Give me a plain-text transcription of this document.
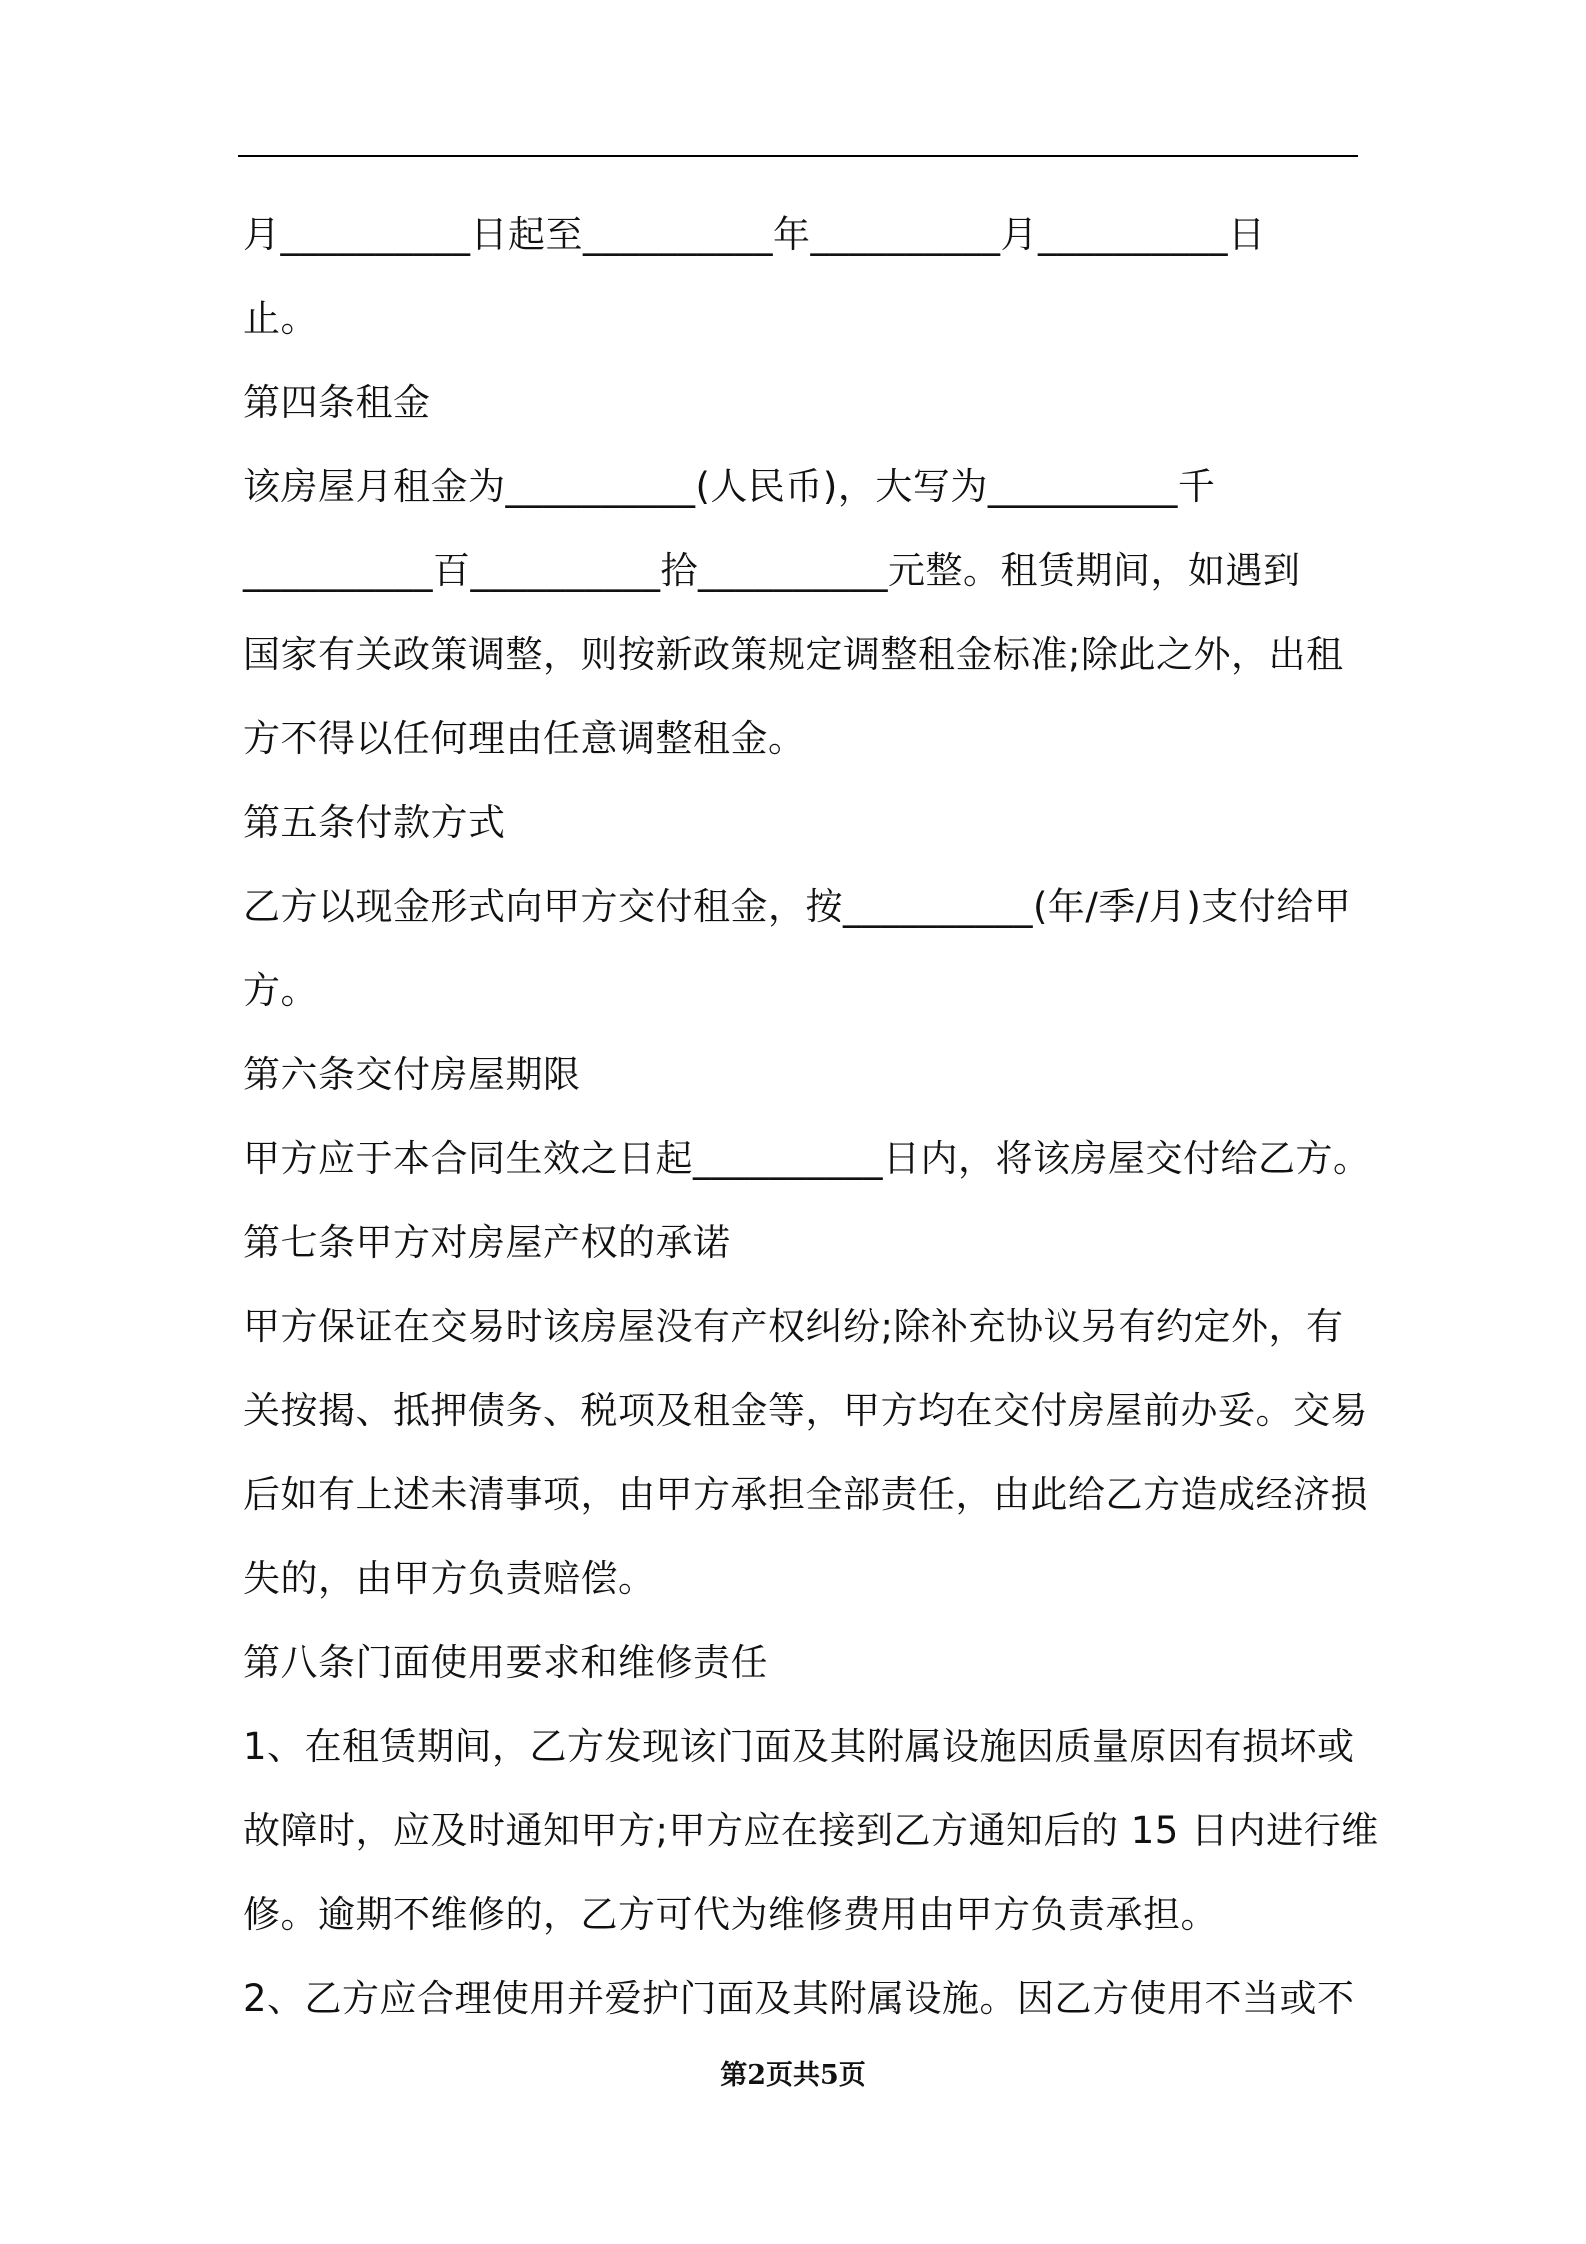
月__________日起至__________年__________月__________日
止。
第四条租金
该房屋月租金为__________(人民币)，大写为__________千
__________百__________拾__________元整。租赁期间，如遇到
国家有关政策调整，则按新政策规定调整租金标准;除此之外，出租
方不得以任何理由任意调整租金。
第五条付款方式
乙方以现金形式向甲方交付租金，按__________(年/季/月)支付给甲
方。
第六条交付房屋期限
甲方应于本合同生效之日起__________日内，将该房屋交付给乙方。
第七条甲方对房屋产权的承诺
甲方保证在交易时该房屋没有产权纠纷;除补充协议另有约定外，有
关按揭、抵押债务、税项及租金等，甲方均在交付房屋前办妥。交易
后如有上述未清事项，由甲方承担全部责任，由此给乙方造成经济损
失的，由甲方负责赔偿。
第八条门面使用要求和维修责任
1、在租赁期间，乙方发现该门面及其附属设施因质量原因有损坏或
故障时，应及时通知甲方;甲方应在接到乙方通知后的 15 日内进行维
修。逾期不维修的，乙方可代为维修费用由甲方负责承担。
2、乙方应合理使用并爱护门面及其附属设施。因乙方使用不当或不
第2页共5页
